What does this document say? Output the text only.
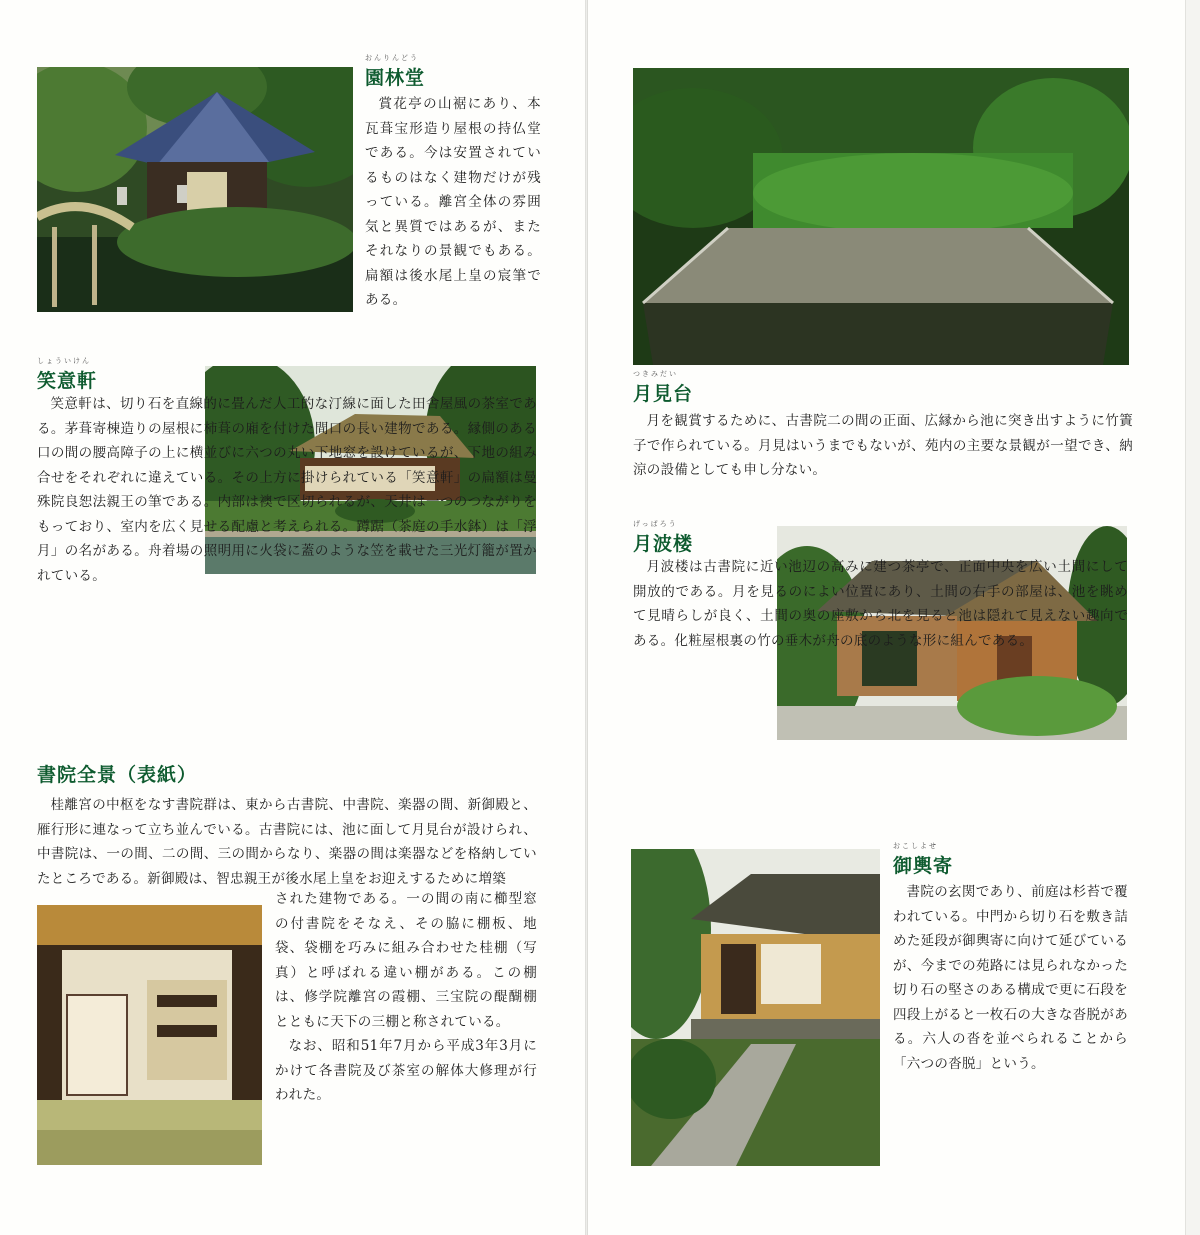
おんりんどう
園林堂

賞花亭の山裾にあり、本瓦葺宝形造り屋根の持仏堂である。今は安置されているものはなく建物だけが残っている。離宮全体の雰囲気と異質ではあるが、またそれなりの景観でもある。扁額は後水尾上皇の宸筆である。

しょういけん
笑意軒

笑意軒は、切り石を直線的に畳んだ人工的な汀線に面した田舎屋風の茶室である。茅葺寄棟造りの屋根に柿葺の廂を付けた間口の長い建物である。縁側のある口の間の腰高障子の上に横並びに六つの丸い下地窓を設けているが、下地の組み合せをそれぞれに違えている。その上方に掛けられている「笑意軒」の扁額は曼殊院良恕法親王の筆である。内部は襖で区切られるが、天井は一つのつながりをもっており、室内を広く見せる配慮と考えられる。蹲踞（茶庭の手水鉢）は「浮月」の名がある。舟着場の照明用に火袋に蓋のような笠を載せた三光灯籠が置かれている。

書院全景（表紙）

桂離宮の中枢をなす書院群は、東から古書院、中書院、楽器の間、新御殿と、雁行形に連なって立ち並んでいる。古書院には、池に面して月見台が設けられ、中書院は、一の間、二の間、三の間からなり、楽器の間は楽器などを格納していたところである。新御殿は、智忠親王が後水尾上皇をお迎えするために増築

された建物である。一の間の南に櫛型窓の付書院をそなえ、その脇に棚板、地袋、袋棚を巧みに組み合わせた桂棚（写真）と呼ばれる違い棚がある。この棚は、修学院離宮の霞棚、三宝院の醍醐棚とともに天下の三棚と称されている。

なお、昭和51年7月から平成3年3月にかけて各書院及び茶室の解体大修理が行われた。

つきみだい
月見台

月を観賞するために、古書院二の間の正面、広縁から池に突き出すように竹簀子で作られている。月見はいうまでもないが、苑内の主要な景観が一望でき、納涼の設備としても申し分ない。

げっぱろう
月波楼

月波楼は古書院に近い池辺の高みに建つ茶亭で、正面中央を広い土間にして開放的である。月を見るのによい位置にあり、土間の右手の部屋は、池を眺めて見晴らしが良く、土間の奥の座敷から北を見ると池は隠れて見えない趣向である。化粧屋根裏の竹の垂木が舟の底のような形に組んである。

おこしよせ
御輿寄

書院の玄関であり、前庭は杉苔で覆われている。中門から切り石を敷き詰めた延段が御輿寄に向けて延びているが、今までの苑路には見られなかった切り石の堅さのある構成で更に石段を四段上がると一枚石の大きな沓脱がある。六人の沓を並べられることから「六つの沓脱」という。
